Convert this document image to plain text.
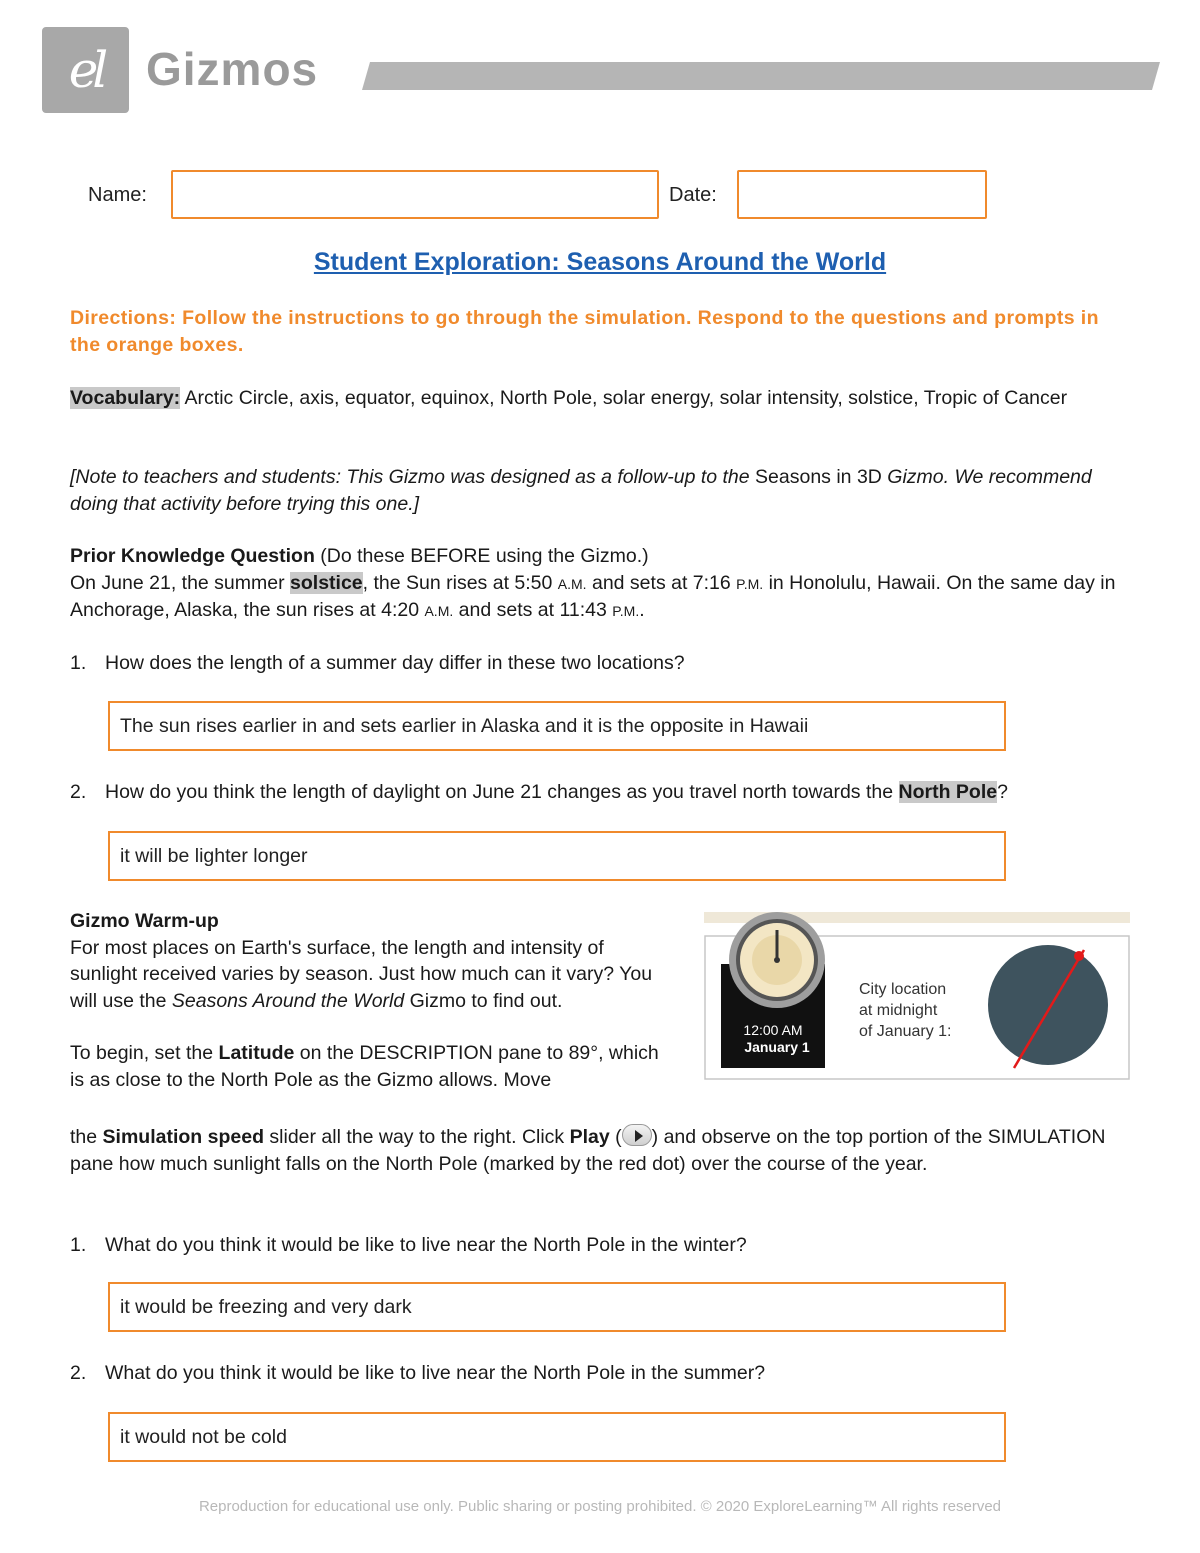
el Gizmos
Name:	Date:
Student Exploration: Seasons Around the World
Directions: Follow the instructions to go through the simulation. Respond to the questions and prompts in the orange boxes.
Vocabulary: Arctic Circle, axis, equator, equinox, North Pole, solar energy, solar intensity, solstice, Tropic of Cancer
[Note to teachers and students: This Gizmo was designed as a follow-up to the Seasons in 3D Gizmo. We recommend doing that activity before trying this one.]
Prior Knowledge Question (Do these BEFORE using the Gizmo.)
On June 21, the summer solstice, the Sun rises at 5:50 A.M. and sets at 7:16 P.M. in Honolulu, Hawaii. On the same day in Anchorage, Alaska, the sun rises at 4:20 A.M. and sets at 11:43 P.M..
1. How does the length of a summer day differ in these two locations?
The sun rises earlier in and sets earlier in Alaska and it is the opposite in Hawaii
2. How do you think the length of daylight on June 21 changes as you travel north towards the North Pole?
it will be lighter longer
Gizmo Warm-up
For most places on Earth's surface, the length and intensity of sunlight received varies by season. Just how much can it vary? You will use the Seasons Around the World Gizmo to find out.
To begin, set the Latitude on the DESCRIPTION pane to 89°, which is as close to the North Pole as the Gizmo allows. Move
the Simulation speed slider all the way to the right. Click Play ( ) and observe on the top portion of the SIMULATION pane how much sunlight falls on the North Pole (marked by the red dot) over the course of the year.
12:00 AM
January 1
City location
at midnight
of January 1:
1. What do you think it would be like to live near the North Pole in the winter?
it would be freezing and very dark
2. What do you think it would be like to live near the North Pole in the summer?
it would not be cold
Reproduction for educational use only. Public sharing or posting prohibited. © 2020 ExploreLearning™ All rights reserved
